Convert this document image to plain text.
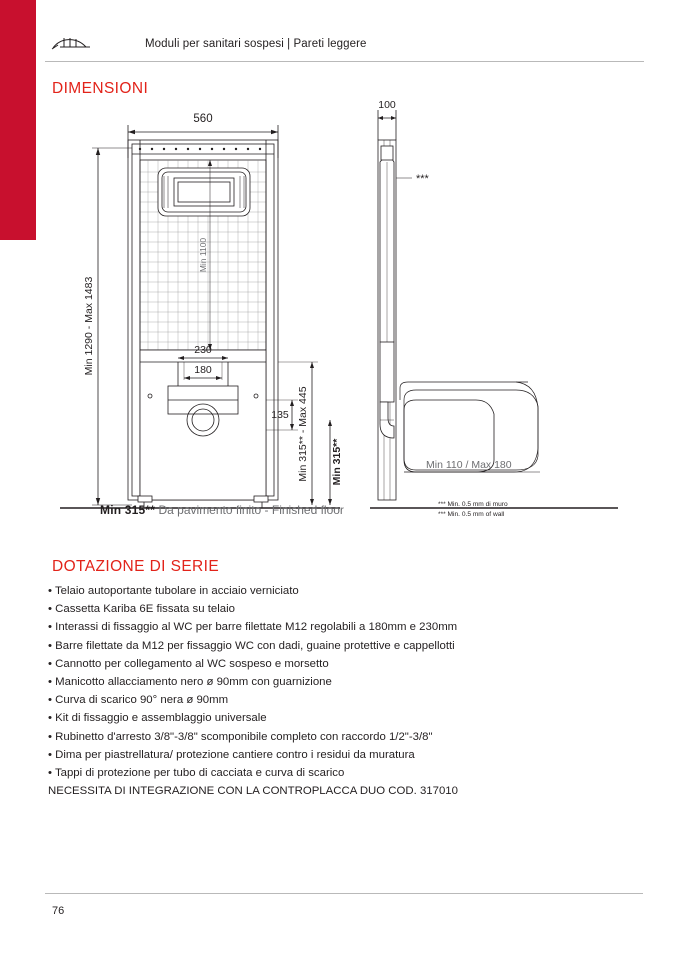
Moduli per sanitari sospesi | Pareti leggere
DIMENSIONI
560
Min 1290 - Max 1483
Min 1100
230
180
135 Min 315** - Max 445 Min 315**
100
***
Min 110 / Max 180
Min 315** Da pavimento finito - Finished floor	*** Min. 0.5 mm di muro
*** Min. 0.5 mm of wall
DOTAZIONE DI SERIE
• Telaio autoportante tubolare in acciaio verniciato
• Cassetta Kariba 6E fissata su telaio
• Interassi di fissaggio al WC per barre filettate M12 regolabili a 180mm e 230mm
• Barre filettate da M12 per fissaggio WC con dadi, guaine protettive e cappellotti
• Cannotto per collegamento al WC sospeso e morsetto
• Manicotto allacciamento nero ø 90mm con guarnizione
• Curva di scarico 90° nera ø 90mm
• Kit di fissaggio e assemblaggio universale
• Rubinetto d'arresto 3/8"-3/8" scomponibile completo con raccordo 1/2"-3/8"
• Dima per piastrellatura/ protezione cantiere contro i residui da muratura
• Tappi di protezione per tubo di cacciata e curva di scarico
NECESSITA DI INTEGRAZIONE CON LA CONTROPLACCA DUO COD. 317010
76
